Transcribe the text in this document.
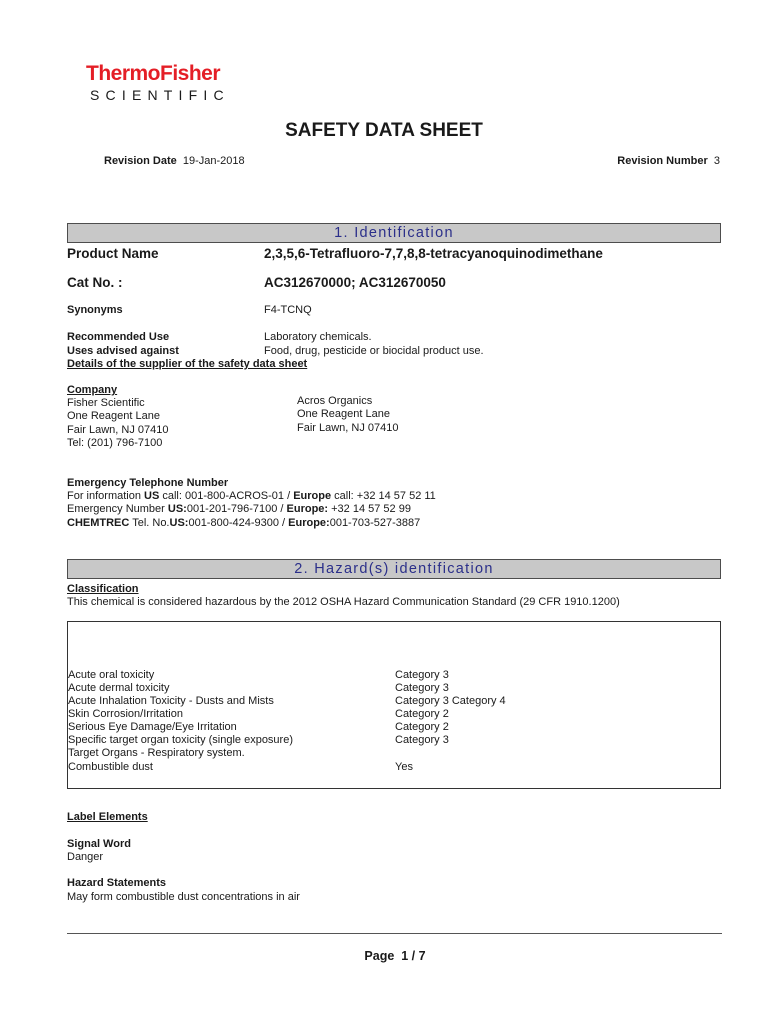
ThermoFisher
SCIENTIFIC
SAFETY DATA SHEET
Revision Date 19-Jan-2018	Revision Number 3
1. Identification
Product Name	2,3,5,6-Tetrafluoro-7,7,8,8-tetracyanoquinodimethane
Cat No. :	AC312670000; AC312670050
Synonyms	F4-TCNQ
Recommended Use	Laboratory chemicals.
Uses advised against	Food, drug, pesticide or biocidal product use.
Details of the supplier of the safety data sheet
Company
Fisher Scientific
One Reagent Lane
Fair Lawn, NJ 07410
Tel: (201) 796-7100
Acros Organics
One Reagent Lane
Fair Lawn, NJ 07410
Emergency Telephone Number
For information US call: 001-800-ACROS-01 / Europe call: +32 14 57 52 11
Emergency Number US:001-201-796-7100 / Europe: +32 14 57 52 99
CHEMTREC Tel. No.US:001-800-424-9300 / Europe:001-703-527-3887
2. Hazard(s) identification
Classification
This chemical is considered hazardous by the 2012 OSHA Hazard Communication Standard (29 CFR 1910.1200)
Acute oral toxicity	Category 3
Acute dermal toxicity	Category 3
Acute Inhalation Toxicity - Dusts and Mists	Category 3 Category 4
Skin Corrosion/Irritation	Category 2
Serious Eye Damage/Eye Irritation	Category 2
Specific target organ toxicity (single exposure)	Category 3
Target Organs - Respiratory system.
Combustible dust	Yes
Label Elements
Signal Word
Danger
Hazard Statements
May form combustible dust concentrations in air
Page 1 / 7
